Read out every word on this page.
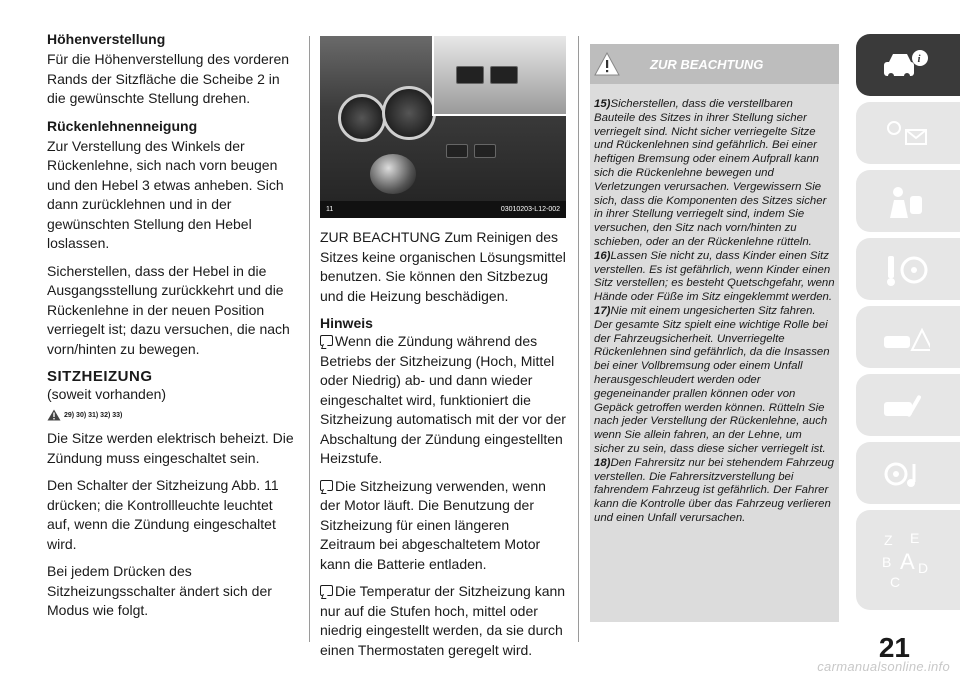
Höhenverstellung

Für die Höhenverstellung des vorderen Rands der Sitzfläche die Scheibe 2 in die gewünschte Stellung drehen.

Rückenlehnenneigung

Zur Verstellung des Winkels der Rückenlehne, sich nach vorn beugen und den Hebel 3 etwas anheben. Sich dann zurücklehnen und in der gewünschten Stellung den Hebel loslassen.

Sicherstellen, dass der Hebel in die Ausgangsstellung zurückkehrt und die Rückenlehne in der neuen Position verriegelt ist; dazu versuchen, die nach vorn/hinten zu bewegen.

SITZHEIZUNG
(soweit vorhanden)
29) 30) 31) 32) 33)

Die Sitze werden elektrisch beheizt. Die Zündung muss eingeschaltet sein.

Den Schalter der Sitzheizung Abb. 11 drücken; die Kontrollleuchte leuchtet auf, wenn die Zündung eingeschaltet wird.

Bei jedem Drücken des Sitzheizungsschalter ändert sich der Modus wie folgt.

11	03010203-L12-002

ZUR BEACHTUNG Zum Reinigen des Sitzes keine organischen Lösungsmittel benutzen. Sie können den Sitzbezug und die Heizung beschädigen.

Hinweis

Wenn die Zündung während des Betriebs der Sitzheizung (Hoch, Mittel oder Niedrig) ab- und dann wieder eingeschaltet wird, funktioniert die Sitzheizung automatisch mit der vor der Abschaltung der Zündung eingestellten Heizstufe.

Die Sitzheizung verwenden, wenn der Motor läuft. Die Benutzung der Sitzheizung für einen längeren Zeitraum bei abgeschaltetem Motor kann die Batterie entladen.

Die Temperatur der Sitzheizung kann nur auf die Stufen hoch, mittel oder niedrig eingestellt werden, da sie durch einen Thermostaten geregelt wird.

ZUR BEACHTUNG
15)Sicherstellen, dass die verstellbaren Bauteile des Sitzes in ihrer Stellung sicher verriegelt sind. Nicht sicher verriegelte Sitze und Rückenlehnen sind gefährlich. Bei einer heftigen Bremsung oder einem Aufprall kann sich die Rückenlehne bewegen und Verletzungen verursachen. Vergewissern Sie sich, dass die Komponenten des Sitzes sicher in ihrer Stellung verriegelt sind, indem Sie versuchen, den Sitz nach vorn/hinten zu schieben, oder an der Rückenlehne rütteln.
16)Lassen Sie nicht zu, dass Kinder einen Sitz verstellen. Es ist gefährlich, wenn Kinder einen Sitz verstellen; es besteht Quetschgefahr, wenn Hände oder Füße im Sitz eingeklemmt werden.
17)Nie mit einem ungesicherten Sitz fahren. Der gesamte Sitz spielt eine wichtige Rolle bei der Fahrzeugsicherheit. Unverriegelte Rückenlehnen sind gefährlich, da die Insassen bei einer Vollbremsung oder einem Unfall herausgeschleudert werden oder gegeneinander prallen können oder von Gepäck getroffen werden können. Rütteln Sie nach jeder Verstellung der Rückenlehne, auch wenn Sie allein fahren, an der Lehne, um sicher zu sein, dass diese sicher verriegelt ist.
18)Den Fahrersitz nur bei stehendem Fahrzeug verstellen. Die Fahrersitzverstellung bei fahrendem Fahrzeug ist gefährlich. Der Fahrer kann die Kontrolle über das Fahrzeug verlieren und einen Unfall verursachen.
i
Z E
B A D
C
21
carmanualsonline.info
